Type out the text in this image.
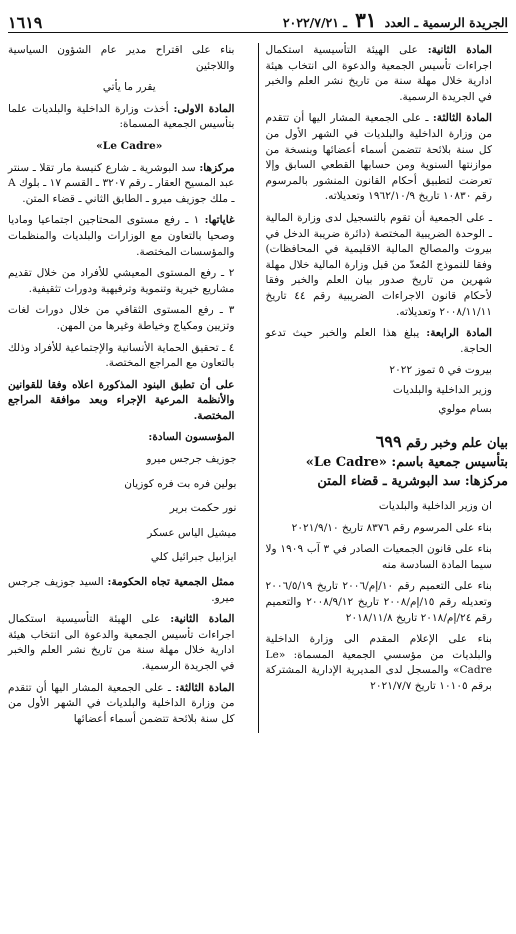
الجريدة الرسمية ـ العدد ٣١ ـ ٢٠٢٢/٧/٢١
١٦١٩

المادة الثانية: على الهيئة التأسيسية استكمال اجراءات تأسيس الجمعية والدعوة الى انتخاب هيئة ادارية خلال مهلة سنة من تاريخ نشر العلم والخبر في الجريدة الرسمية.

المادة الثالثة: ـ على الجمعية المشار اليها أن تتقدم من وزارة الداخلية والبلديات في الشهر الأول من كل سنة بلائحة تتضمن أسماء أعضائها وبنسخة من موازنتها السنوية ومن حسابها القطعي السابق وإلا تعرضت لتطبيق أحكام القانون المنشور بالمرسوم رقم ١٠٨٣٠ تاريخ ١٩٦٢/١٠/٩ وتعديلاته.

ـ على الجمعية أن تقوم بالتسجيل لدى وزارة المالية ـ الوحدة الضريبية المختصة (دائرة ضريبة الدخل في بيروت والمصالح المالية الاقليمية في المحافظات) وفقا للنموذج المُعدّ من قبل وزارة المالية خلال مهلة شهرين من تاريخ صدور بيان العلم والخبر وفقا لأحكام قانون الاجراءات الضريبية رقم ٤٤ تاريخ ٢٠٠٨/١١/١١ وتعديلاته.

المادة الرابعة: يبلغ هذا العلم والخبر حيث تدعو الحاجة.

بيروت في ٥ تموز ٢٠٢٢

وزير الداخلية والبلديات

بسام مولوي

بيان علم وخبر رقم ٦٩٩
بتأسيس جمعية باسم: «Le Cadre»
مركزها: سد البوشرية ـ قضاء المتن

ان وزير الداخلية والبلديات

بناء على المرسوم رقم ٨٣٧٦ تاريخ ٢٠٢١/٩/١٠

بناء على قانون الجمعيات الصادر في ٣ آب ١٩٠٩ ولا سيما المادة السادسة منه

بناء على التعميم رقم ١٠/إم/٢٠٠٦ تاريخ ٢٠٠٦/٥/١٩ وتعديله رقم ١٥/إم/٢٠٠٨ تاريخ ٢٠٠٨/٩/١٢ والتعميم رقم ٢٤/إم/٢٠١٨ تاريخ ٢٠١٨/١١/٨

بناء على الإعلام المقدم الى وزارة الداخلية والبلديات من مؤسسي الجمعية المسماة: «Le Cadre» والمسجل لدى المديرية الإدارية المشتركة برقم ١٠١٠٥ تاريخ ٢٠٢١/٧/٧

بناء على اقتراح مدير عام الشؤون السياسية واللاجئين

يقرر ما يأتي

المادة الاولى: أخذت وزارة الداخلية والبلديات علما بتأسيس الجمعية المسماة:

«Le Cadre»

مركزها: سد البوشرية ـ شارع كنيسة مار تقلا ـ سنتر عبد المسيح العقار ـ رقم ٣٢٠٧ ـ القسم ١٧ ـ بلوك A ـ ملك جوزيف ميرو ـ الطابق الثاني ـ قضاء المتن.

غاياتها: ١ ـ رفع مستوى المحتاجين اجتماعيا وماديا وصحيا بالتعاون مع الوزارات والبلديات والمنظمات والمؤسسات المختصة.

٢ ـ رفع المستوى المعيشي للأفراد من خلال تقديم مشاريع خيرية وتنموية وترفيهية ودورات تثقيفية.

٣ ـ رفع المستوى الثقافي من خلال دورات لغات وتزيين ومكياج وخياطة وغيرها من المهن.

٤ ـ تحقيق الحماية الأنسانية والإجتماعية للأفراد وذلك بالتعاون مع المراجع المختصة.

على أن تطبق البنود المذكورة اعلاه وفقا للقوانين والأنظمة المرعية الإجراء وبعد موافقة المراجع المختصة.

المؤسسون السادة:

جوزيف جرجس ميرو

بولين فره بت فره كوزيان

نور حكمت برير

ميشيل الياس عسكر

ايزابيل جبرائيل كلي

ممثل الجمعية تجاه الحكومة: السيد جوزيف جرجس ميرو.

المادة الثانية: على الهيئة التأسيسية استكمال اجراءات تأسيس الجمعية والدعوة الى انتخاب هيئة ادارية خلال مهلة سنة من تاريخ نشر العلم والخبر في الجريدة الرسمية.

المادة الثالثة: ـ على الجمعية المشار اليها أن تتقدم من وزارة الداخلية والبلديات في الشهر الأول من كل سنة بلائحة تتضمن أسماء أعضائها
